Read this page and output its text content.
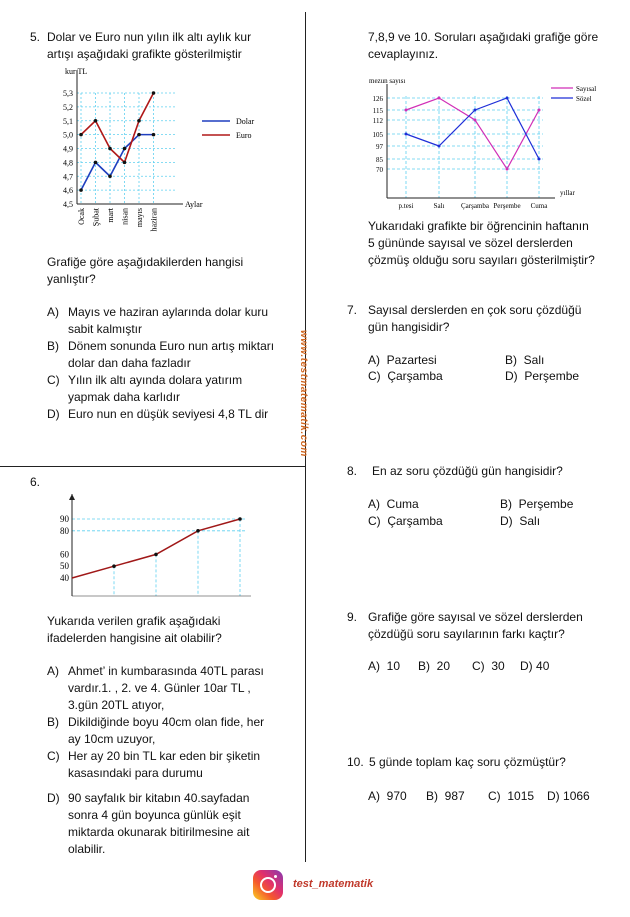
www.testmatematik.com
5. Dolar ve Euro nun yılın ilk altı aylık kur
artışı aşağıdaki grafikte gösterilmiştir
4,5
4,6
4,7
4,8
4,9
5,0
5,1
5,2
5,3
Ocak Şubat mart nisan mayıs haziran
kur TL
Aylar
Dolar
Euro
Grafiğe göre aşağıdakilerden hangisi
yanlıştır?
A) Mayıs ve haziran aylarında dolar kuru
sabit kalmıştır
B) Dönem sonunda Euro nun artış miktarı
dolar dan daha fazladır
C) Yılın ilk altı ayında dolara yatırım
yapmak daha karlıdır
D) Euro nun en düşük seviyesi 4,8 TL dir
6.
40
50
60
80
90
Yukarıda verilen grafik aşağıdaki
ifadelerden hangisine ait olabilir?
A) Ahmet’ in kumbarasında 40TL parası
vardır.1. , 2. ve 4. Günler 10ar TL ,
3.gün 20TL atıyor,
B) Dikildiğinde boyu 40cm olan fide, her
ay 10cm uzuyor,
C) Her ay 20 bin TL kar eden bir şiketin
kasasındaki para durumu
D) 90 sayfalık bir kitabın 40.sayfadan
sonra 4 gün boyunca günlük eşit
miktarda okunarak bitirilmesine ait
olabilir.
7,8,9 ve 10. Soruları aşağıdaki grafiğe göre
cevaplayınız.
70
85
97
105
112
115
126
p.tesi	Salı Çarşamba Perşembe Cuma
mezun sayısı
yıllar
Sayısal
Sözel
Yukarıdaki grafikte bir öğrencinin haftanın
5 gününde sayısal ve sözel derslerden
çözmüş olduğu soru sayıları gösterilmiştir?
7. Sayısal derslerden en çok soru çözdüğü
gün hangisidir?
A) Pazartesi	B) Salı
C) Çarşamba	D) Perşembe
8. En az soru çözdüğü gün hangisidir?
A) Cuma	B) Perşembe
C) Çarşamba	D) Salı
9. Grafiğe göre sayısal ve sözel derslerden
çözdüğü soru sayılarının farkı kaçtır?
A) 10 B) 20 C) 30 D) 40
10. 5 günde toplam kaç soru çözmüştür?
A) 970 B) 987 C) 1015 D) 1066
test_matematik
